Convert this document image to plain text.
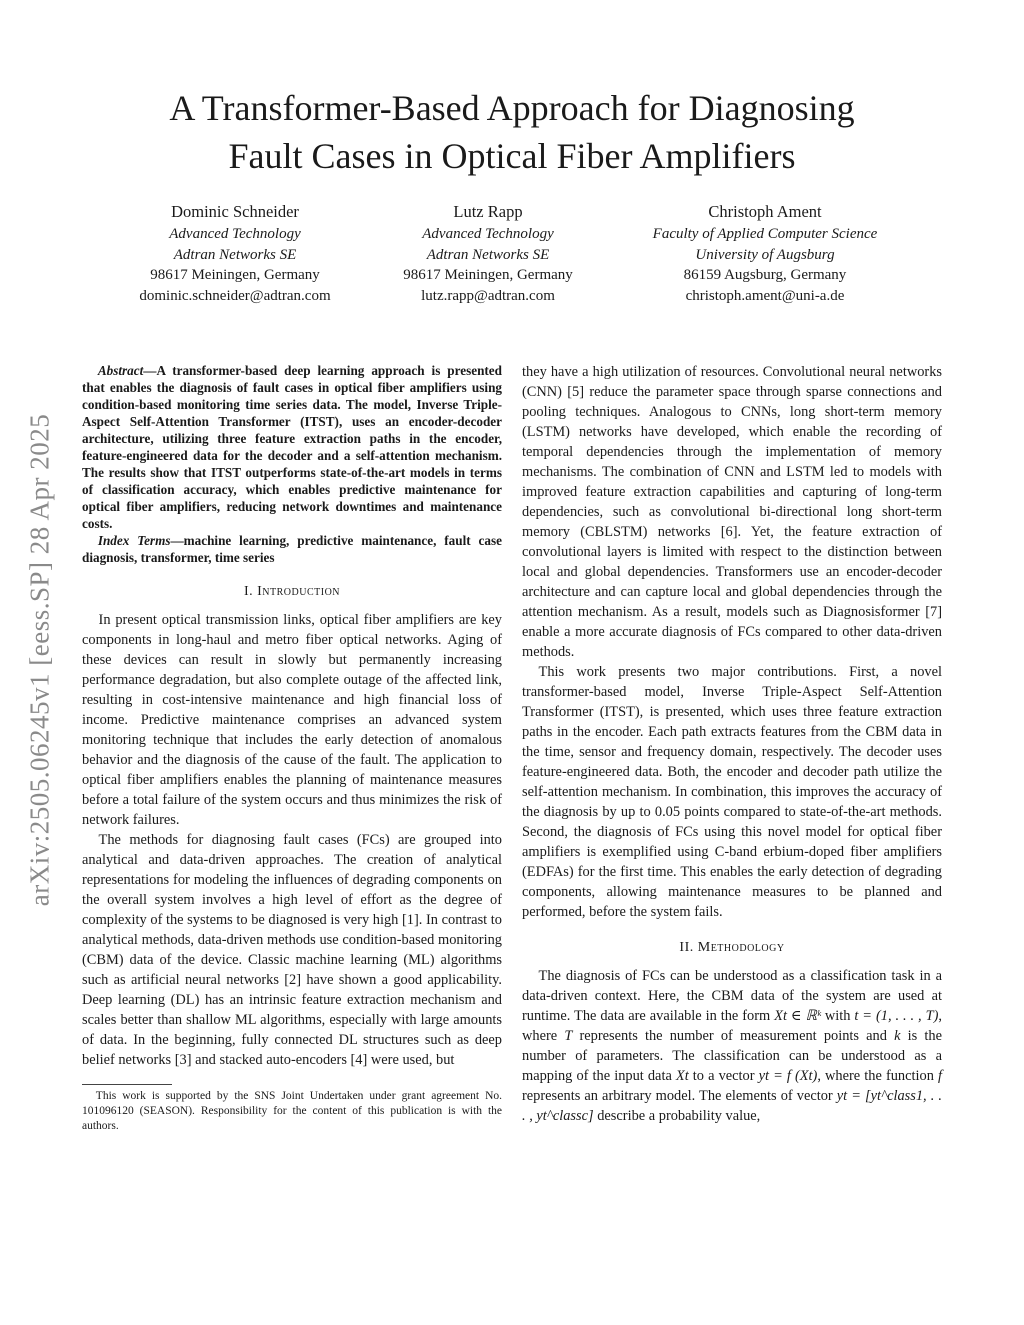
arXiv:2505.06245v1 [eess.SP] 28 Apr 2025
A Transformer-Based Approach for Diagnosing
Fault Cases in Optical Fiber Amplifiers
Dominic Schneider
Advanced Technology
Adtran Networks SE
98617 Meiningen, Germany
dominic.schneider@adtran.com
Lutz Rapp
Advanced Technology
Adtran Networks SE
98617 Meiningen, Germany
lutz.rapp@adtran.com
Christoph Ament
Faculty of Applied Computer Science
University of Augsburg
86159 Augsburg, Germany
christoph.ament@uni-a.de

Abstract—A transformer-based deep learning approach is presented that enables the diagnosis of fault cases in optical fiber amplifiers using condition-based monitoring time series data. The model, Inverse Triple-Aspect Self-Attention Transformer (ITST), uses an encoder-decoder architecture, utilizing three feature extraction paths in the encoder, feature-engineered data for the decoder and a self-attention mechanism. The results show that ITST outperforms state-of-the-art models in terms of classification accuracy, which enables predictive maintenance for optical fiber amplifiers, reducing network downtimes and maintenance costs.

Index Terms—machine learning, predictive maintenance, fault case diagnosis, transformer, time series

I. Introduction

In present optical transmission links, optical fiber amplifiers are key components in long-haul and metro fiber optical networks. Aging of these devices can result in slowly but permanently increasing performance degradation, but also complete outage of the affected link, resulting in cost-intensive maintenance and high financial loss of income. Predictive maintenance comprises an advanced system monitoring technique that includes the early detection of anomalous behavior and the diagnosis of the cause of the fault. The application to optical fiber amplifiers enables the planning of maintenance measures before a total failure of the system occurs and thus minimizes the risk of network failures.

The methods for diagnosing fault cases (FCs) are grouped into analytical and data-driven approaches. The creation of analytical representations for modeling the influences of degrading components on the overall system involves a high level of effort as the degree of complexity of the systems to be diagnosed is very high [1]. In contrast to analytical methods, data-driven methods use condition-based monitoring (CBM) data of the device. Classic machine learning (ML) algorithms such as artificial neural networks [2] have shown a good applicability. Deep learning (DL) has an intrinsic feature extraction mechanism and scales better than shallow ML algorithms, especially with large amounts of data. In the beginning, fully connected DL structures such as deep belief networks [3] and stacked auto-encoders [4] were used, but

This work is supported by the SNS Joint Undertaken under grant agreement No. 101096120 (SEASON). Responsibility for the content of this publication is with the authors.

they have a high utilization of resources. Convolutional neural networks (CNN) [5] reduce the parameter space through sparse connections and pooling techniques. Analogous to CNNs, long short-term memory (LSTM) networks have developed, which enable the recording of temporal dependencies through the implementation of memory mechanisms. The combination of CNN and LSTM led to models with improved feature extraction capabilities and capturing of long-term dependencies, such as convolutional bi-directional long short-term memory (CBLSTM) networks [6]. Yet, the feature extraction of convolutional layers is limited with respect to the distinction between local and global dependencies. Transformers use an encoder-decoder architecture and can capture local and global dependencies through the attention mechanism. As a result, models such as Diagnosisformer [7] enable a more accurate diagnosis of FCs compared to other data-driven methods.

This work presents two major contributions. First, a novel transformer-based model, Inverse Triple-Aspect Self-Attention Transformer (ITST), is presented, which uses three feature extraction paths in the encoder. Each path extracts features from the CBM data in the time, sensor and frequency domain, respectively. The decoder uses feature-engineered data. Both, the encoder and decoder path utilize the self-attention mechanism. In combination, this improves the accuracy of the diagnosis by up to 0.05 points compared to state-of-the-art methods. Second, the diagnosis of FCs using this novel model for optical fiber amplifiers is exemplified using C-band erbium-doped fiber amplifiers (EDFAs) for the first time. This enables the early detection of degrading components, allowing maintenance measures to be planned and performed, before the system fails.

II. Methodology

The diagnosis of FCs can be understood as a classification task in a data-driven context. Here, the CBM data of the system are used at runtime. The data are available in the form Xt ∈ ℝᵏ with t = (1, . . . , T), where T represents the number of measurement points and k is the number of parameters. The classification can be understood as a mapping of the input data Xt to a vector yt = f (Xt), where the function f represents an arbitrary model. The elements of vector yt = [yt^class1, . . . , yt^classc] describe a probability value,
